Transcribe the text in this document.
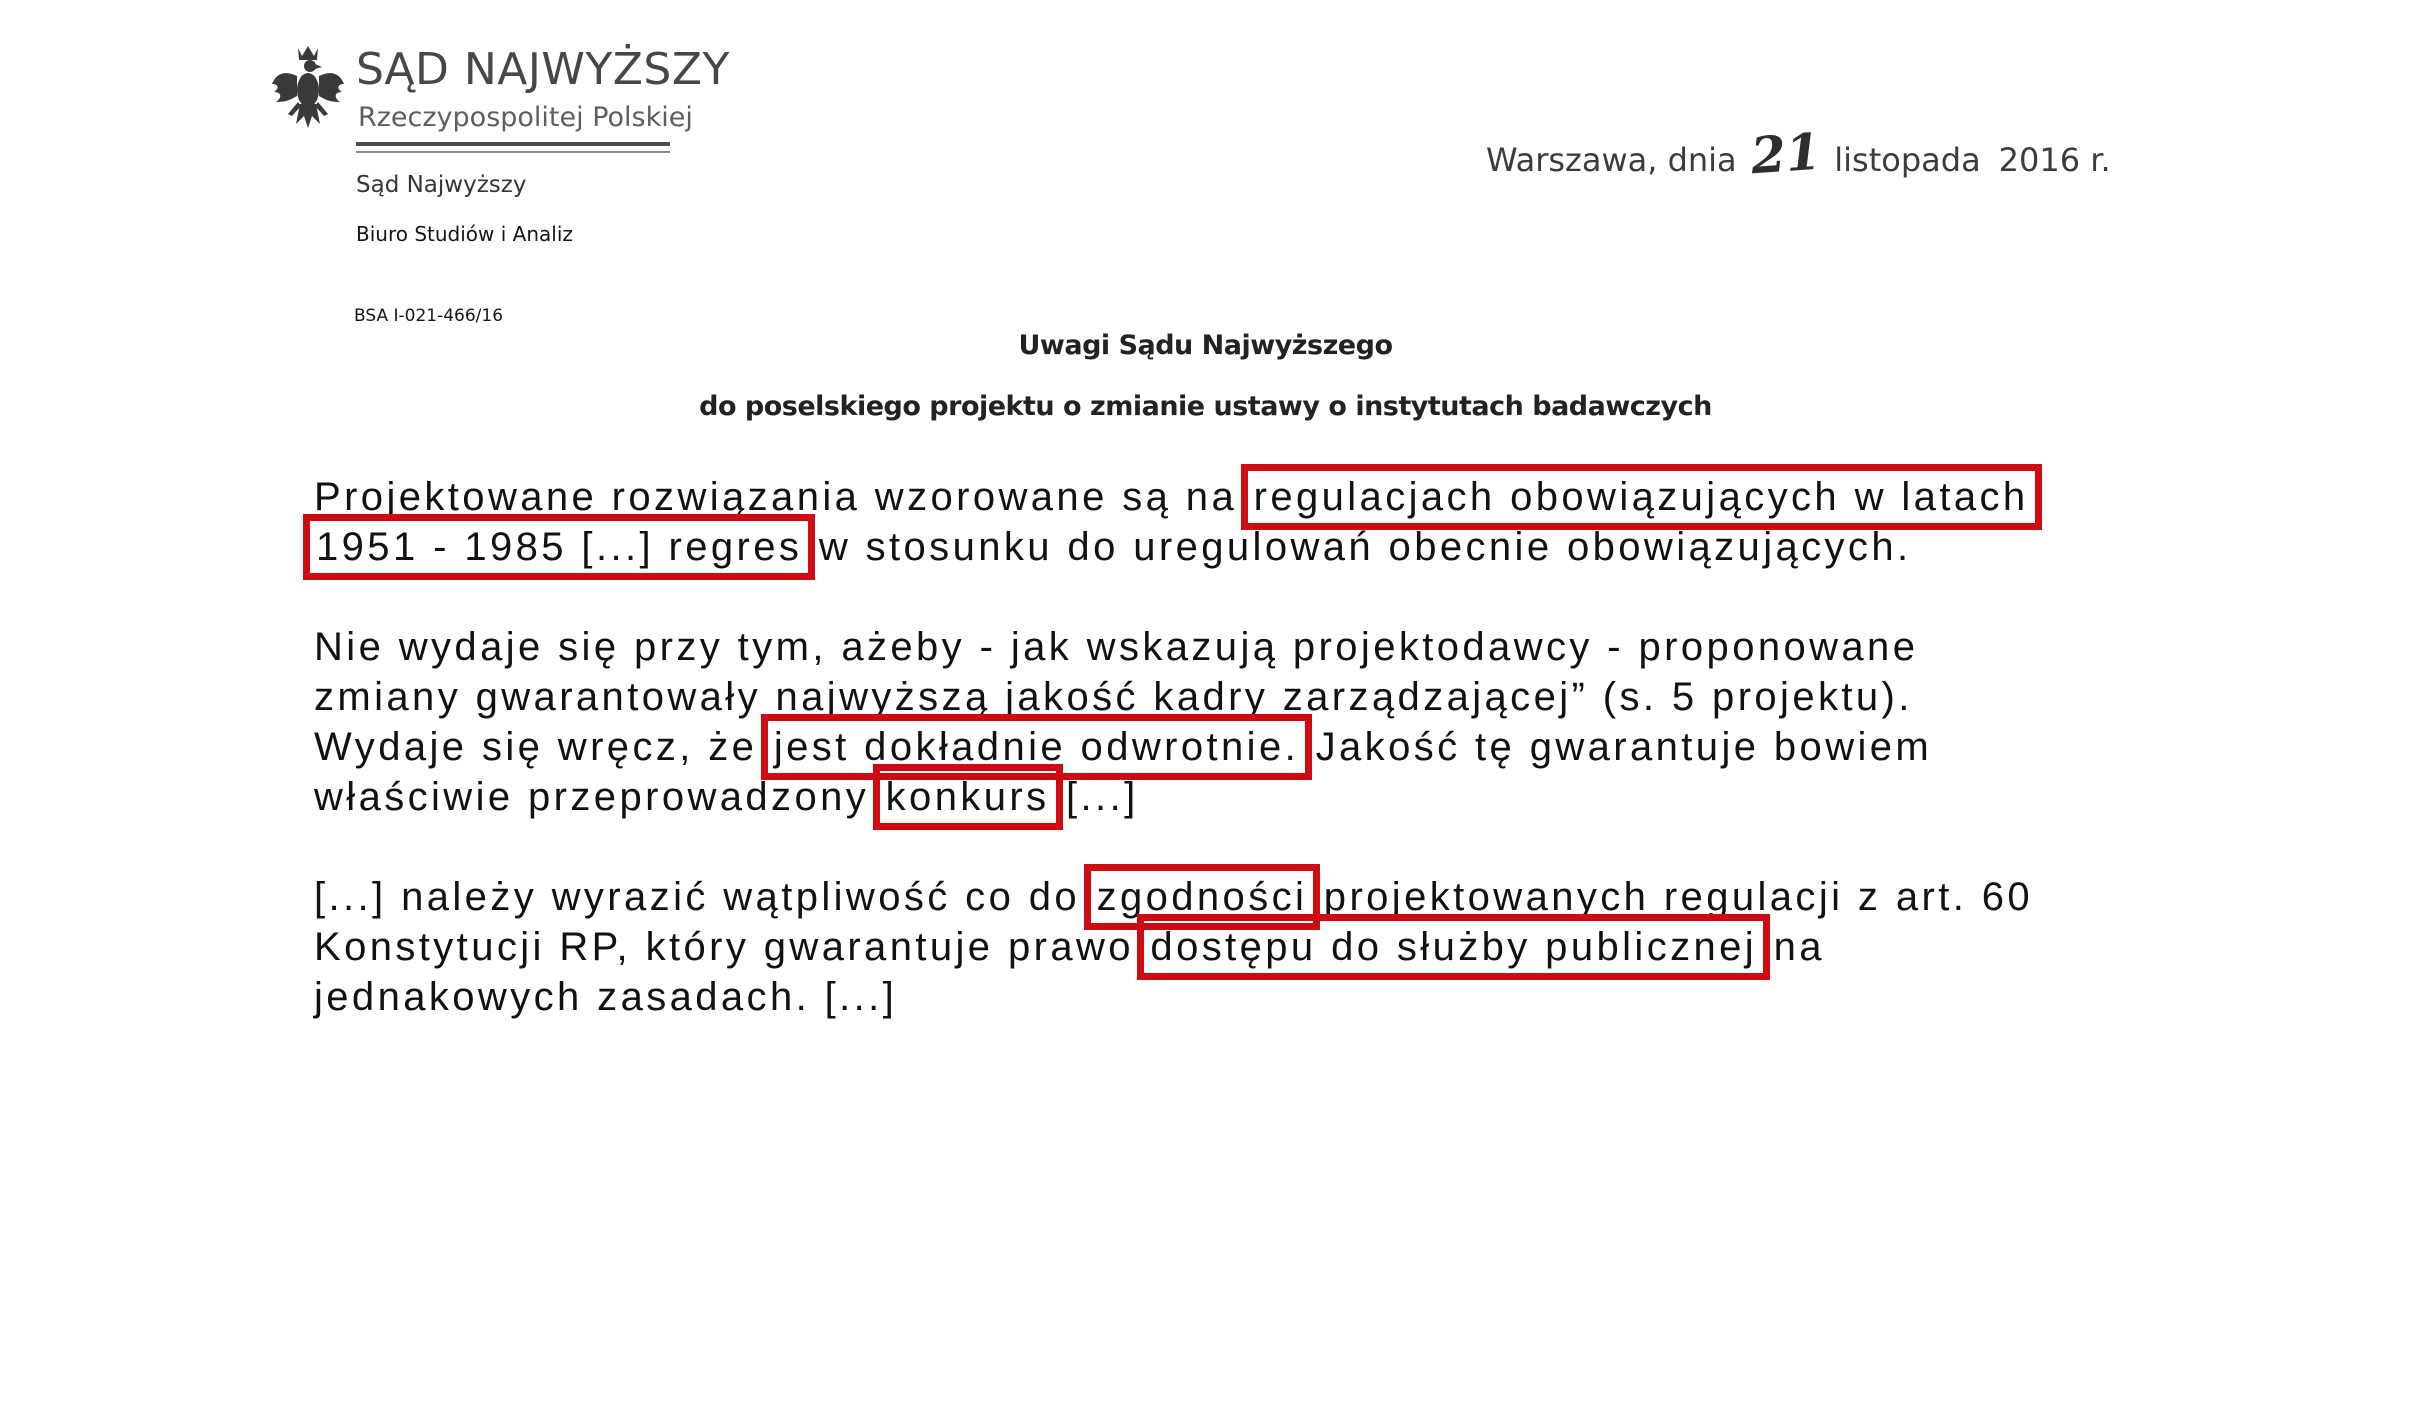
SĄD NAJWYŻSZY
Rzeczypospolitej Polskiej
Sąd Najwyższy
Biuro Studiów i Analiz
BSA I-021-466/16
Warszawa, dnia 21 listopada 2016 r.
Uwagi Sądu Najwyższego
do poselskiego projektu o zmianie ustawy o instytutach badawczych
Projektowane rozwiązania wzorowane są na regulacjach obowiązujących w latach
1951 - 1985 [...] regres w stosunku do uregulowań obecnie obowiązujących.
Nie wydaje się przy tym, ażeby - jak wskazują projektodawcy - proponowane
zmiany gwarantowały najwyższą jakość kadry zarządzającej” (s. 5 projektu).
Wydaje się wręcz, że jest dokładnie odwrotnie. Jakość tę gwarantuje bowiem
właściwie przeprowadzony konkurs [...]
[...] należy wyrazić wątpliwość co do zgodności projektowanych regulacji z art. 60
Konstytucji RP, który gwarantuje prawo dostępu do służby publicznej na
jednakowych zasadach. [...]
